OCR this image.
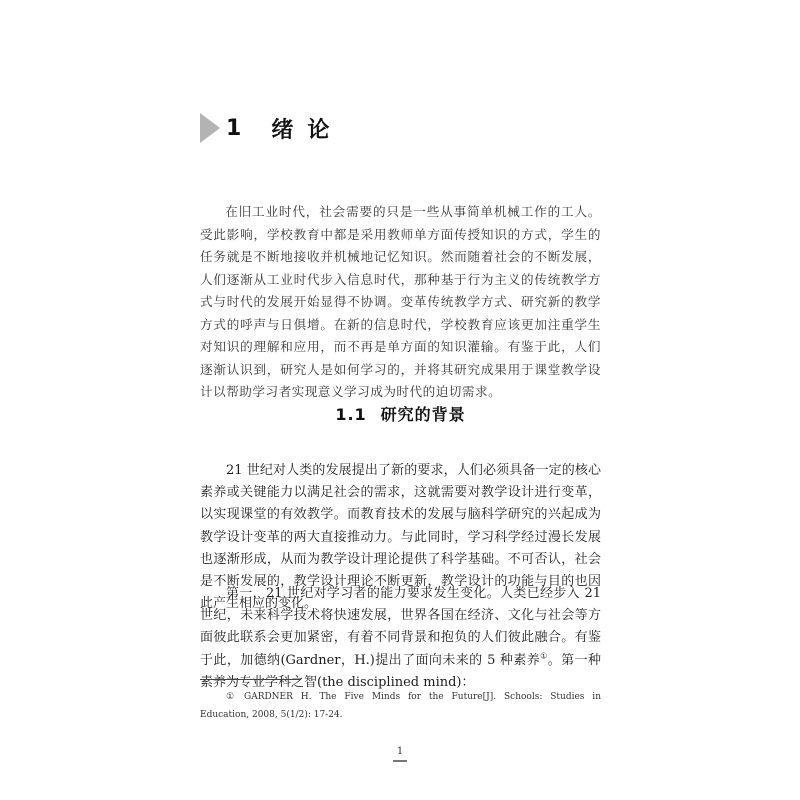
1 绪论

在旧工业时代，社会需要的只是一些从事简单机械工作的工人。受此影响，学校教育中都是采用教师单方面传授知识的方式，学生的任务就是不断地接收并机械地记忆知识。然而随着社会的不断发展，人们逐渐从工业时代步入信息时代，那种基于行为主义的传统教学方式与时代的发展开始显得不协调。变革传统教学方式、研究新的教学方式的呼声与日俱增。在新的信息时代，学校教育应该更加注重学生对知识的理解和应用，而不再是单方面的知识灌输。有鉴于此，人们逐渐认识到，研究人是如何学习的，并将其研究成果用于课堂教学设计以帮助学习者实现意义学习成为时代的迫切需求。

1.1 研究的背景

21 世纪对人类的发展提出了新的要求，人们必须具备一定的核心素养或关键能力以满足社会的需求，这就需要对教学设计进行变革，以实现课堂的有效教学。而教育技术的发展与脑科学研究的兴起成为教学设计变革的两大直接推动力。与此同时，学习科学经过漫长发展也逐渐形成，从而为教学设计理论提供了科学基础。不可否认，社会是不断发展的，教学设计理论不断更新，教学设计的功能与目的也因此产生相应的变化。

第一，21 世纪对学习者的能力要求发生变化。人类已经步入 21 世纪，未来科学技术将快速发展，世界各国在经济、文化与社会等方面彼此联系会更加紧密，有着不同背景和抱负的人们彼此融合。有鉴于此，加德纳(Gardner，H.)提出了面向未来的 5 种素养①。第一种素养为专业学科之智(the disciplined mind)：

① GARDNER H. The Five Minds for the Future[J]. Schools: Studies in Education, 2008, 5(1/2): 17-24.

1
